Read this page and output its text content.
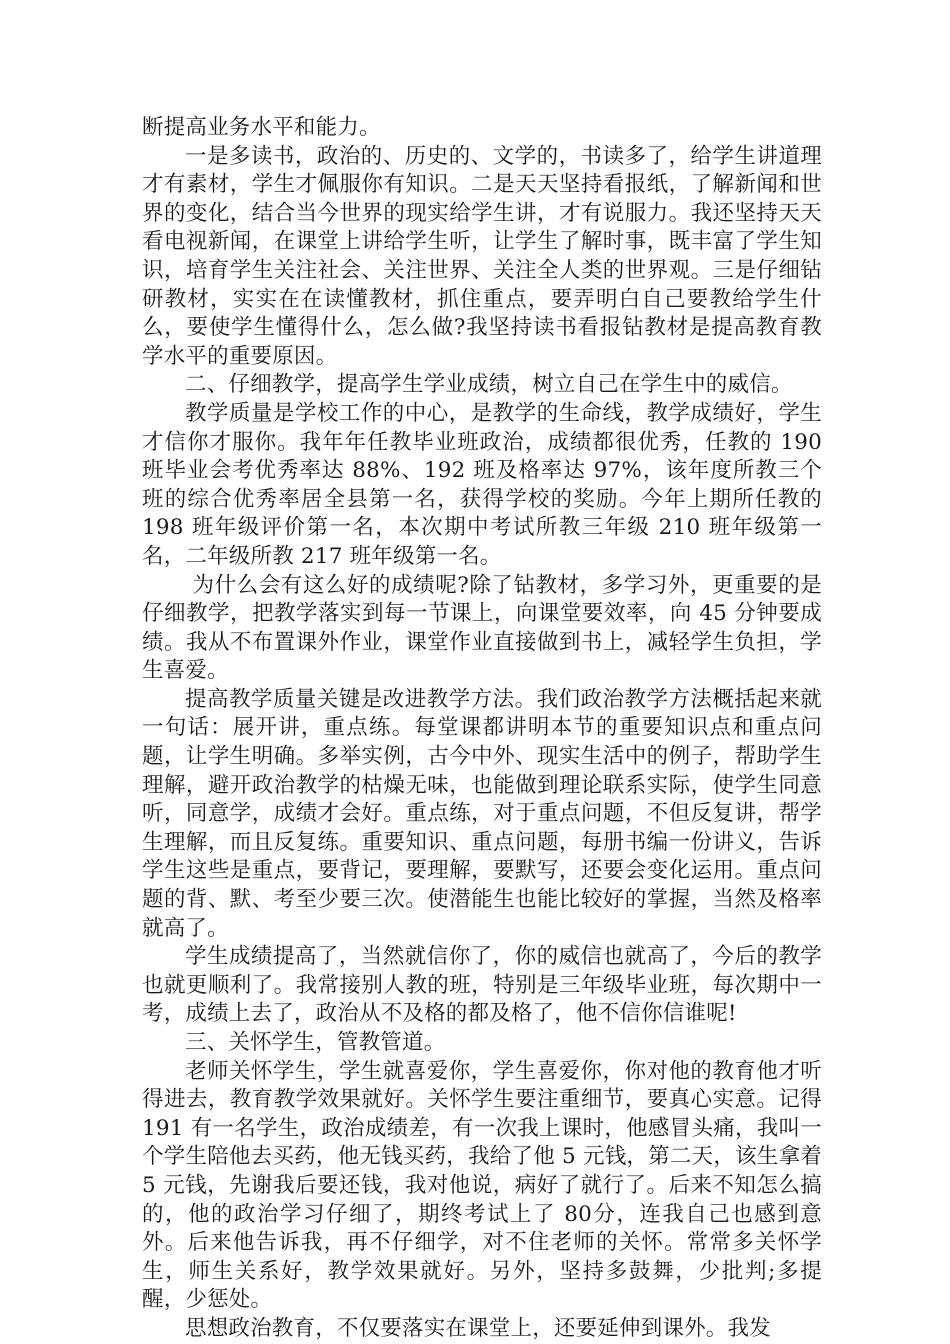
断提高业务水平和能力。

一是多读书，政治的、历史的、文学的，书读多了，给学生讲道理才有素材，学生才佩服你有知识。二是天天坚持看报纸，了解新闻和世界的变化，结合当今世界的现实给学生讲，才有说服力。我还坚持天天看电视新闻，在课堂上讲给学生听，让学生了解时事，既丰富了学生知识，培育学生关注社会、关注世界、关注全人类的世界观。三是仔细钻研教材，实实在在读懂教材，抓住重点，要弄明白自己要教给学生什么，要使学生懂得什么，怎么做?我坚持读书看报钻教材是提高教育教学水平的重要原因。

二、仔细教学，提高学生学业成绩，树立自己在学生中的威信。

教学质量是学校工作的中心，是教学的生命线，教学成绩好，学生才信你才服你。我年年任教毕业班政治，成绩都很优秀，任教的 190 班毕业会考优秀率达 88%、192 班及格率达 97%，该年度所教三个班的综合优秀率居全县第一名，获得学校的奖励。今年上期所任教的 198 班年级评价第一名，本次期中考试所教三年级 210 班年级第一名，二年级所教 217 班年级第一名。

为什么会有这么好的成绩呢?除了钻教材，多学习外，更重要的是仔细教学，把教学落实到每一节课上，向课堂要效率，向 45 分钟要成绩。我从不布置课外作业，课堂作业直接做到书上，减轻学生负担，学生喜爱。

提高教学质量关键是改进教学方法。我们政治教学方法概括起来就一句话：展开讲，重点练。每堂课都讲明本节的重要知识点和重点问题，让学生明确。多举实例，古今中外、现实生活中的例子，帮助学生理解，避开政治教学的枯燥无味，也能做到理论联系实际，使学生同意听，同意学，成绩才会好。重点练，对于重点问题，不但反复讲，帮学生理解，而且反复练。重要知识、重点问题，每册书编一份讲义，告诉学生这些是重点，要背记，要理解，要默写，还要会变化运用。重点问题的背、默、考至少要三次。使潜能生也能比较好的掌握，当然及格率就高了。

学生成绩提高了，当然就信你了，你的威信也就高了，今后的教学也就更顺利了。我常接别人教的班，特别是三年级毕业班，每次期中一考，成绩上去了，政治从不及格的都及格了，他不信你信谁呢!

三、关怀学生，管教管道。

老师关怀学生，学生就喜爱你，学生喜爱你，你对他的教育他才听得进去，教育教学效果就好。关怀学生要注重细节，要真心实意。记得 191 有一名学生，政治成绩差，有一次我上课时，他感冒头痛，我叫一个学生陪他去买药，他无钱买药，我给了他 5 元钱，第二天，该生拿着 5 元钱，先谢我后要还钱，我对他说，病好了就行了。后来不知怎么搞的，他的政治学习仔细了，期终考试上了 80分，连我自己也感到意外。后来他告诉我，再不仔细学，对不住老师的关怀。常常多关怀学生，师生关系好，教学效果就好。另外，坚持多鼓舞，少批判;多提醒，少惩处。

思想政治教育，不仅要落实在课堂上，还要延伸到课外。我发
